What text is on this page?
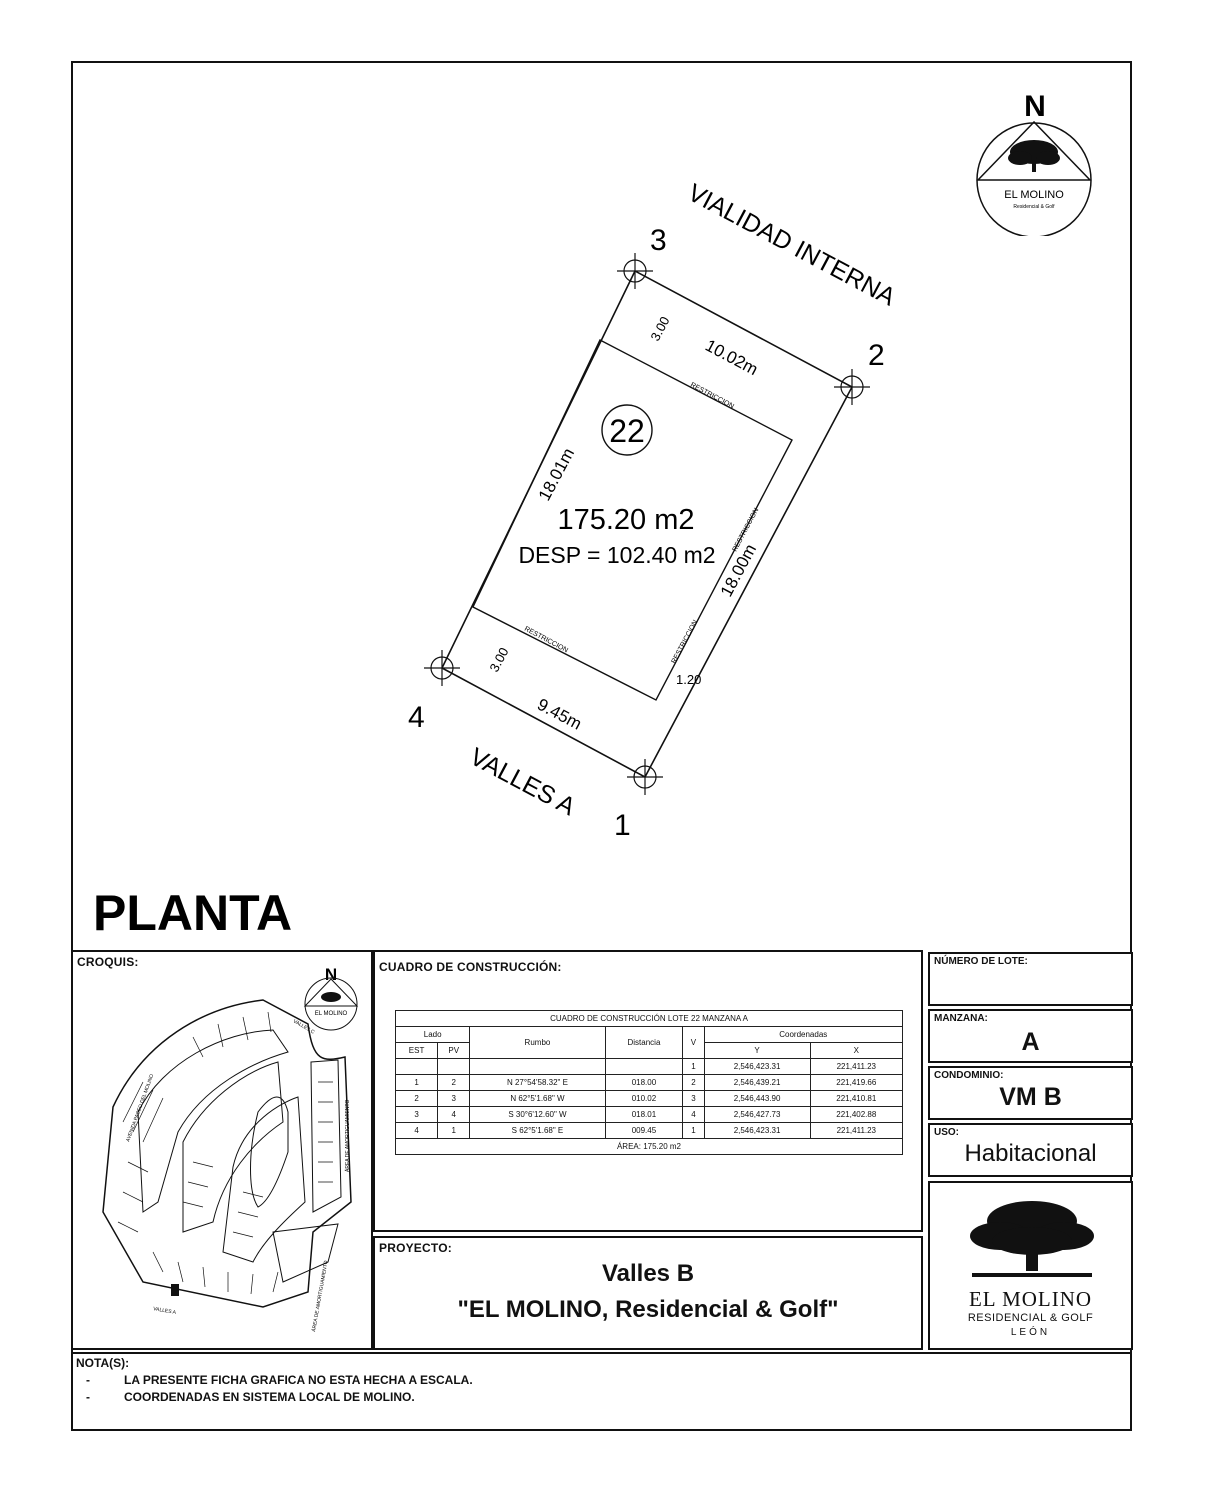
1
2
3
4
VIALIDAD INTERNA
VALLES A
22
175.20 m2
DESP = 102.40 m2
10.02m
9.45m
18.01m
18.00m
3.00
3.00
1.20
RESTRICCION
RESTRICCION
RESTRICCION	RESTRICCION
PLANTA
N
EL MOLINO
Residencial & Golf
CROQUIS:
N
EL MOLINO
AVENIDA PASEO DEL MOLINO
VALLES C
VALLES A
ÁREA DE AMORTIGUAMIENTO
ÁREA DE AMORTIGUAMIENTO
CUADRO DE CONSTRUCCIÓN:
CUADRO DE CONSTRUCCIÓN LOTE 22 MANZANA A						
Lado		Rumbo	Distancia	V	Coordenadas	
EST	PV				Y	X
				1	2,546,423.31	221,411.23
1	2	N 27°54'58.32" E	018.00	2	2,546,439.21	221,419.66
2	3	N 62°5'1.68" W	010.02	3	2,546,443.90	221,410.81
3	4	S 30°6'12.60" W	018.01	4	2,546,427.73	221,402.88
4	1	S 62°5'1.68" E	009.45	1	2,546,423.31	221,411.23
ÁREA: 175.20 m2						
PROYECTO:
Valles B
"EL MOLINO, Residencial & Golf"
NÚMERO DE LOTE:
MANZANA:
A
CONDOMINIO:
VM B
USO:
Habitacional
EL MOLINO
RESIDENCIAL & GOLF
LEÓN
NOTA(S):
-	LA PRESENTE FICHA GRAFICA NO ESTA HECHA A ESCALA.
-	COORDENADAS EN SISTEMA LOCAL DE MOLINO.
